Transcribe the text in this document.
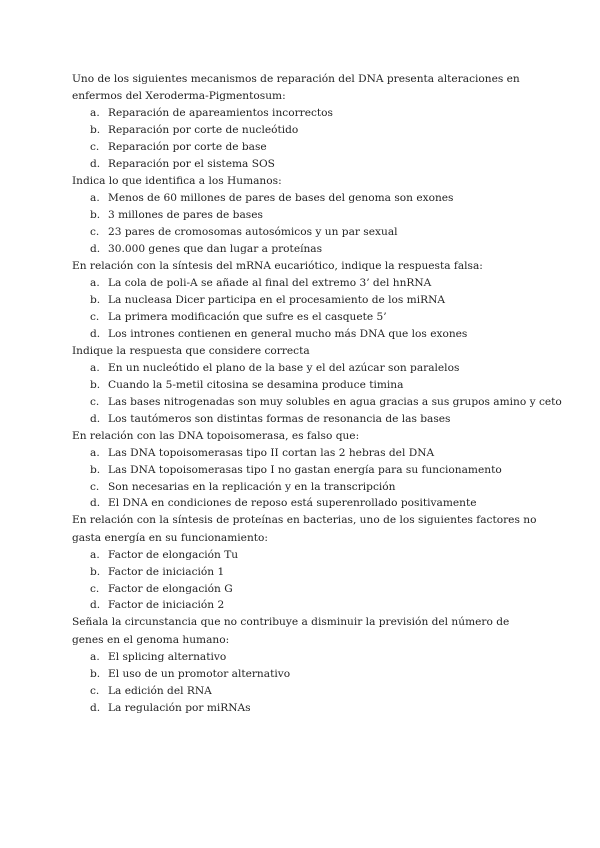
Uno de los siguientes mecanismos de reparación del DNA presenta alteraciones en enfermos del Xeroderma-Pigmentosum:

a. Reparación de apareamientos incorrectos
b. Reparación por corte de nucleótido
c. Reparación por corte de base
d. Reparación por el sistema SOS

Indica lo que identifica a los Humanos:

a. Menos de 60 millones de pares de bases del genoma son exones
b. 3 millones de pares de bases
c. 23 pares de cromosomas autosómicos y un par sexual
d. 30.000 genes que dan lugar a proteínas

En relación con la síntesis del mRNA eucariótico, indique la respuesta falsa:

a. La cola de poli-A se añade al final del extremo 3’ del hnRNA
b. La nucleasa Dicer participa en el procesamiento de los miRNA
c. La primera modificación que sufre es el casquete 5’
d. Los intrones contienen en general mucho más DNA que los exones

Indique la respuesta que considere correcta

a. En un nucleótido el plano de la base y el del azúcar son paralelos
b. Cuando la 5-metil citosina se desamina produce timina
c. Las bases nitrogenadas son muy solubles en agua gracias a sus grupos amino y ceto
d. Los tautómeros son distintas formas de resonancia de las bases

En relación con las DNA topoisomerasa, es falso que:

a. Las DNA topoisomerasas tipo II cortan las 2 hebras del DNA
b. Las DNA topoisomerasas tipo I no gastan energía para su funcionamento
c. Son necesarias en la replicación y en la transcripción
d. El DNA en condiciones de reposo está superenrollado positivamente

En relación con la síntesis de proteínas en bacterias, uno de los siguientes factores no gasta energía en su funcionamiento:

a. Factor de elongación Tu
b. Factor de iniciación 1
c. Factor de elongación G
d. Factor de iniciación 2

Señala la circunstancia que no contribuye a disminuir la previsión del número de genes en el genoma humano:

a. El splicing alternativo
b. El uso de un promotor alternativo
c. La edición del RNA
d. La regulación por miRNAs
